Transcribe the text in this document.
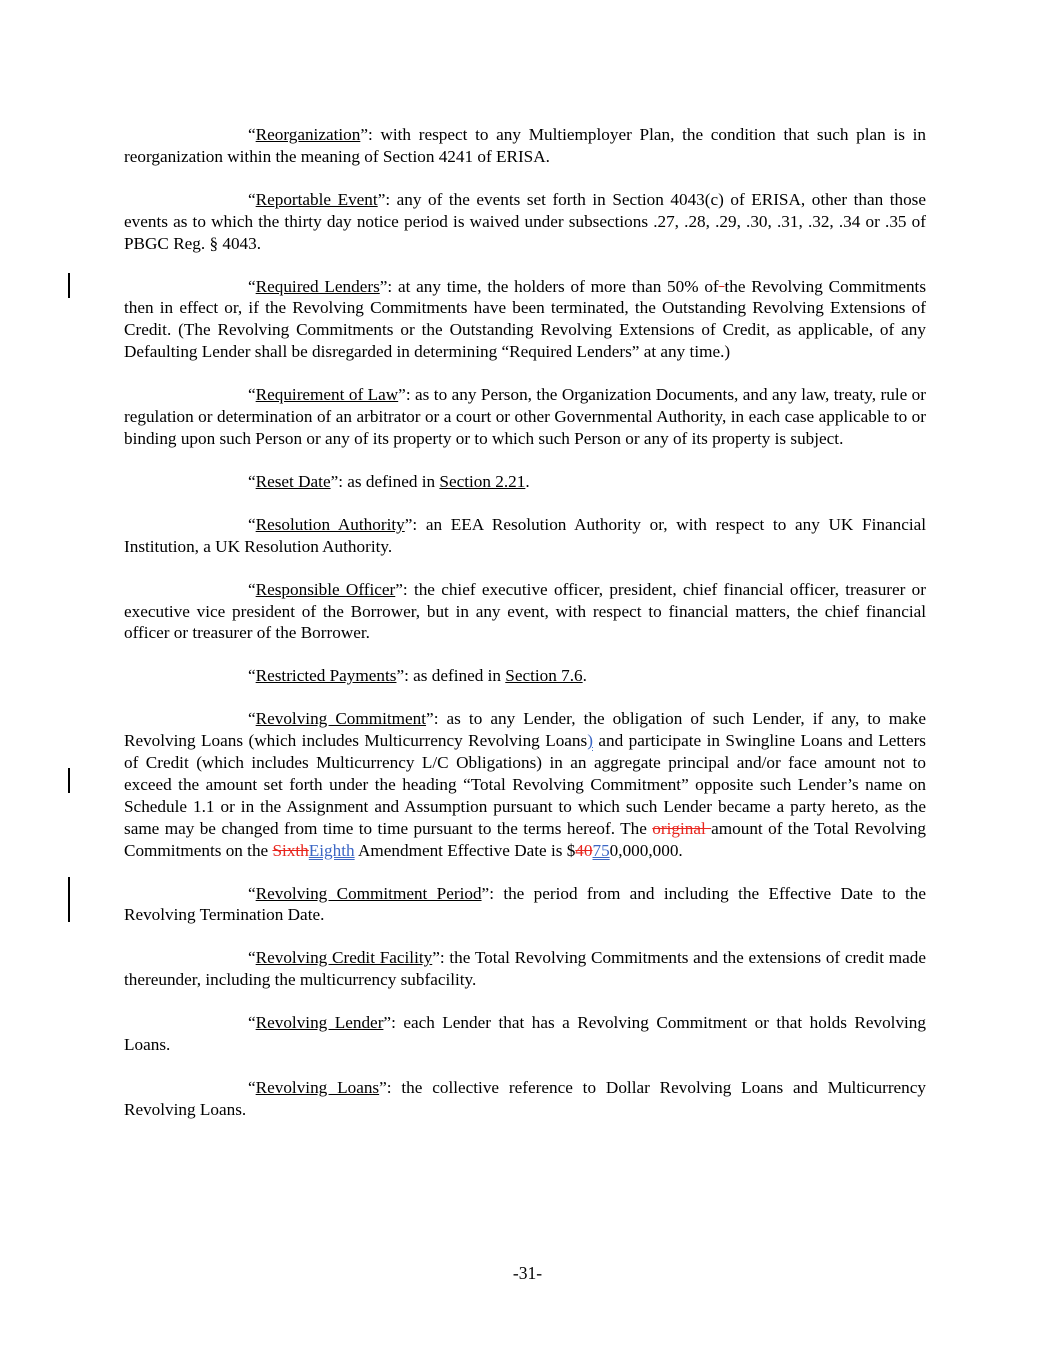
“Reorganization”: with respect to any Multiemployer Plan, the condition that such plan is in reorganization within the meaning of Section 4241 of ERISA.

“Reportable Event”: any of the events set forth in Section 4043(c) of ERISA, other than those events as to which the thirty day notice period is waived under subsections .27, .28, .29, .30, .31, .32, .34 or .35 of PBGC Reg. § 4043.

“Required Lenders”: at any time, the holders of more than 50% of the Revolving Commitments then in effect or, if the Revolving Commitments have been terminated, the Outstanding Revolving Extensions of Credit. (The Revolving Commitments or the Outstanding Revolving Extensions of Credit, as applicable, of any Defaulting Lender shall be disregarded in determining “Required Lenders” at any time.)

“Requirement of Law”: as to any Person, the Organization Documents, and any law, treaty, rule or regulation or determination of an arbitrator or a court or other Governmental Authority, in each case applicable to or binding upon such Person or any of its property or to which such Person or any of its property is subject.

“Reset Date”: as defined in Section 2.21.

“Resolution Authority”: an EEA Resolution Authority or, with respect to any UK Financial Institution, a UK Resolution Authority.

“Responsible Officer”: the chief executive officer, president, chief financial officer, treasurer or executive vice president of the Borrower, but in any event, with respect to financial matters, the chief financial officer or treasurer of the Borrower.

“Restricted Payments”: as defined in Section 7.6.

“Revolving Commitment”: as to any Lender, the obligation of such Lender, if any, to make Revolving Loans (which includes Multicurrency Revolving Loans) and participate in Swingline Loans and Letters of Credit (which includes Multicurrency L/C Obligations) in an aggregate principal and/or face amount not to exceed the amount set forth under the heading “Total Revolving Commitment” opposite such Lender’s name on Schedule 1.1 or in the Assignment and Assumption pursuant to which such Lender became a party hereto, as the same may be changed from time to time pursuant to the terms hereof. The original amount of the Total Revolving Commitments on the SixthEighth Amendment Effective Date is $40750,000,000.

“Revolving Commitment Period”: the period from and including the Effective Date to the Revolving Termination Date.

“Revolving Credit Facility”: the Total Revolving Commitments and the extensions of credit made thereunder, including the multicurrency subfacility.

“Revolving Lender”: each Lender that has a Revolving Commitment or that holds Revolving Loans.

“Revolving Loans”: the collective reference to Dollar Revolving Loans and Multicurrency Revolving Loans.

-31-
